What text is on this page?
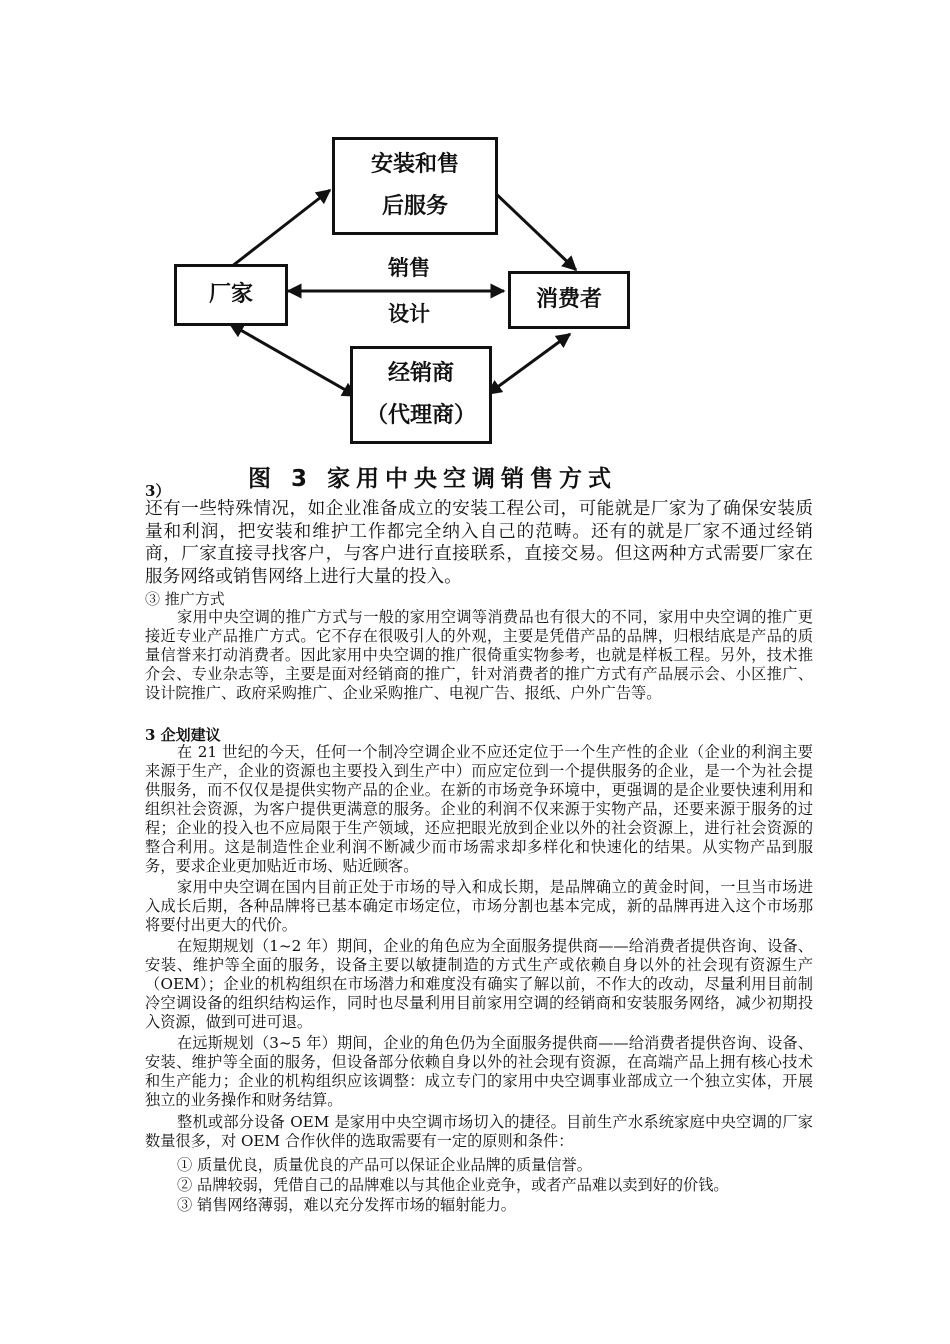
安装和售
后服务
厂家	消费者
经销商
（代理商）
销售
设计
图 3 家用中央空调销售方式
3）

还有一些特殊情况，如企业准备成立的安装工程公司，可能就是厂家为了确保安装质量和利润，把安装和维护工作都完全纳入自己的范畴。还有的就是厂家不通过经销商，厂家直接寻找客户，与客户进行直接联系，直接交易。但这两种方式需要厂家在服务网络或销售网络上进行大量的投入。

③ 推广方式

家用中央空调的推广方式与一般的家用空调等消费品也有很大的不同，家用中央空调的推广更接近专业产品推广方式。它不存在很吸引人的外观，主要是凭借产品的品牌，归根结底是产品的质量信誉来打动消费者。因此家用中央空调的推广很倚重实物参考，也就是样板工程。另外，技术推介会、专业杂志等，主要是面对经销商的推广，针对消费者的推广方式有产品展示会、小区推广、设计院推广、政府采购推广、企业采购推广、电视广告、报纸、户外广告等。

3 企划建议

在 21 世纪的今天，任何一个制冷空调企业不应还定位于一个生产性的企业（企业的利润主要来源于生产，企业的资源也主要投入到生产中）而应定位到一个提供服务的企业，是一个为社会提供服务，而不仅仅是提供实物产品的企业。在新的市场竞争环境中，更强调的是企业要快速利用和组织社会资源，为客户提供更满意的服务。企业的利润不仅来源于实物产品，还要来源于服务的过程；企业的投入也不应局限于生产领域，还应把眼光放到企业以外的社会资源上，进行社会资源的整合利用。这是制造性企业利润不断减少而市场需求却多样化和快速化的结果。从实物产品到服务，要求企业更加贴近市场、贴近顾客。

家用中央空调在国内目前正处于市场的导入和成长期，是品牌确立的黄金时间，一旦当市场进入成长后期，各种品牌将已基本确定市场定位，市场分割也基本完成，新的品牌再进入这个市场那将要付出更大的代价。

在短期规划（1~2 年）期间，企业的角色应为全面服务提供商——给消费者提供咨询、设备、安装、维护等全面的服务，设备主要以敏捷制造的方式生产或依赖自身以外的社会现有资源生产（OEM）；企业的机构组织在市场潜力和难度没有确实了解以前，不作大的改动，尽量利用目前制冷空调设备的组织结构运作，同时也尽量利用目前家用空调的经销商和安装服务网络，减少初期投入资源，做到可进可退。

在远斯规划（3~5 年）期间，企业的角色仍为全面服务提供商——给消费者提供咨询、设备、安装、维护等全面的服务，但设备部分依赖自身以外的社会现有资源，在高端产品上拥有核心技术和生产能力；企业的机构组织应该调整：成立专门的家用中央空调事业部成立一个独立实体，开展独立的业务操作和财务结算。

整机或部分设备 OEM 是家用中央空调市场切入的捷径。目前生产水系统家庭中央空调的厂家数量很多，对 OEM 合作伙伴的选取需要有一定的原则和条件：

① 质量优良，质量优良的产品可以保证企业品牌的质量信誉。
② 品牌较弱，凭借自己的品牌难以与其他企业竞争，或者产品难以卖到好的价钱。
③ 销售网络薄弱，难以充分发挥市场的辐射能力。
